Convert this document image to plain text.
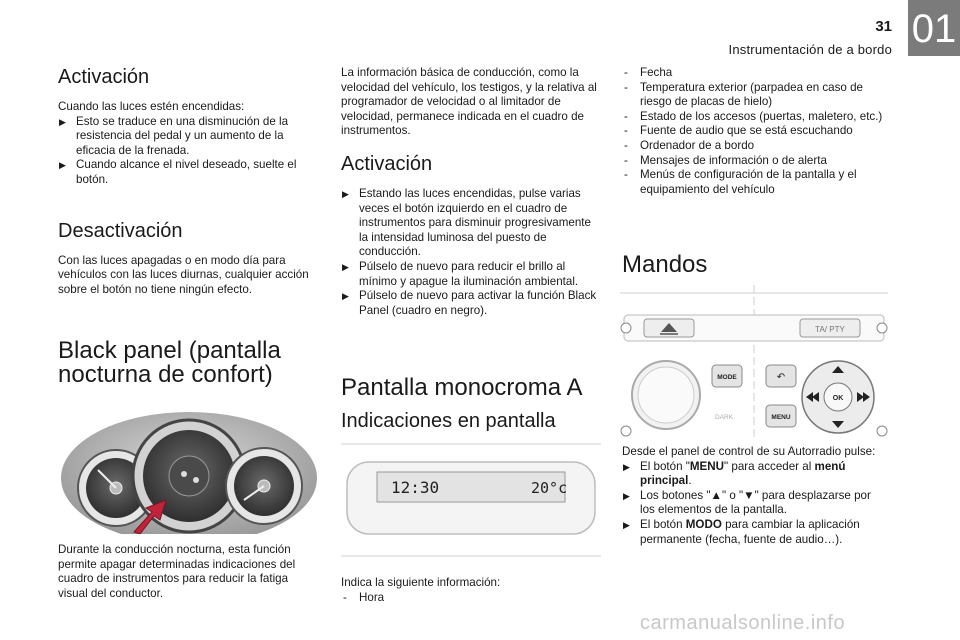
31
Instrumentación de a bordo 01
Activación

Cuando las luces estén encendidas:

▶ Esto se traduce en una disminución de la resistencia del pedal y un aumento de la eficacia de la frenada.
▶ Cuando alcance el nivel deseado, suelte el botón.
Desactivación

Con las luces apagadas o en modo día para vehículos con las luces diurnas, cualquier acción sobre el botón no tiene ningún efecto.

Black panel (pantalla
nocturna de confort)

Durante la conducción nocturna, esta función permite apagar determinadas indicaciones del cuadro de instrumentos para reducir la fatiga visual del conductor.

La información básica de conducción, como la velocidad del vehículo, los testigos, y la relativa al programador de velocidad o al limitador de velocidad, permanece indicada en el cuadro de instrumentos.

Activación
▶ Estando las luces encendidas, pulse varias veces el botón izquierdo en el cuadro de instrumentos para disminuir progresivamente la intensidad luminosa del puesto de conducción.
▶ Púlselo de nuevo para reducir el brillo al mínimo y apague la iluminación ambiental.
▶ Púlselo de nuevo para activar la función Black Panel (cuadro en negro).
Pantalla monocroma A
Indicaciones en pantalla
12:30	20°c

Indica la siguiente información:

- Hora
- Fecha
- Temperatura exterior (parpadea en caso de riesgo de placas de hielo)
- Estado de los accesos (puertas, maletero, etc.)
- Fuente de audio que se está escuchando
- Ordenador de a bordo
- Mensajes de información o de alerta
- Menús de configuración de la pantalla y el equipamiento del vehículo
Mandos
TA/ PTY
MODE
DARK
↶
MENU
OK

Desde el panel de control de su Autorradio pulse:

▶ El botón "MENU" para acceder al menú principal.
▶ Los botones "▲" o "▼" para desplazarse por los elementos de la pantalla.
▶ El botón MODO para cambiar la aplicación permanente (fecha, fuente de audio…).
carmanualsonline.info
